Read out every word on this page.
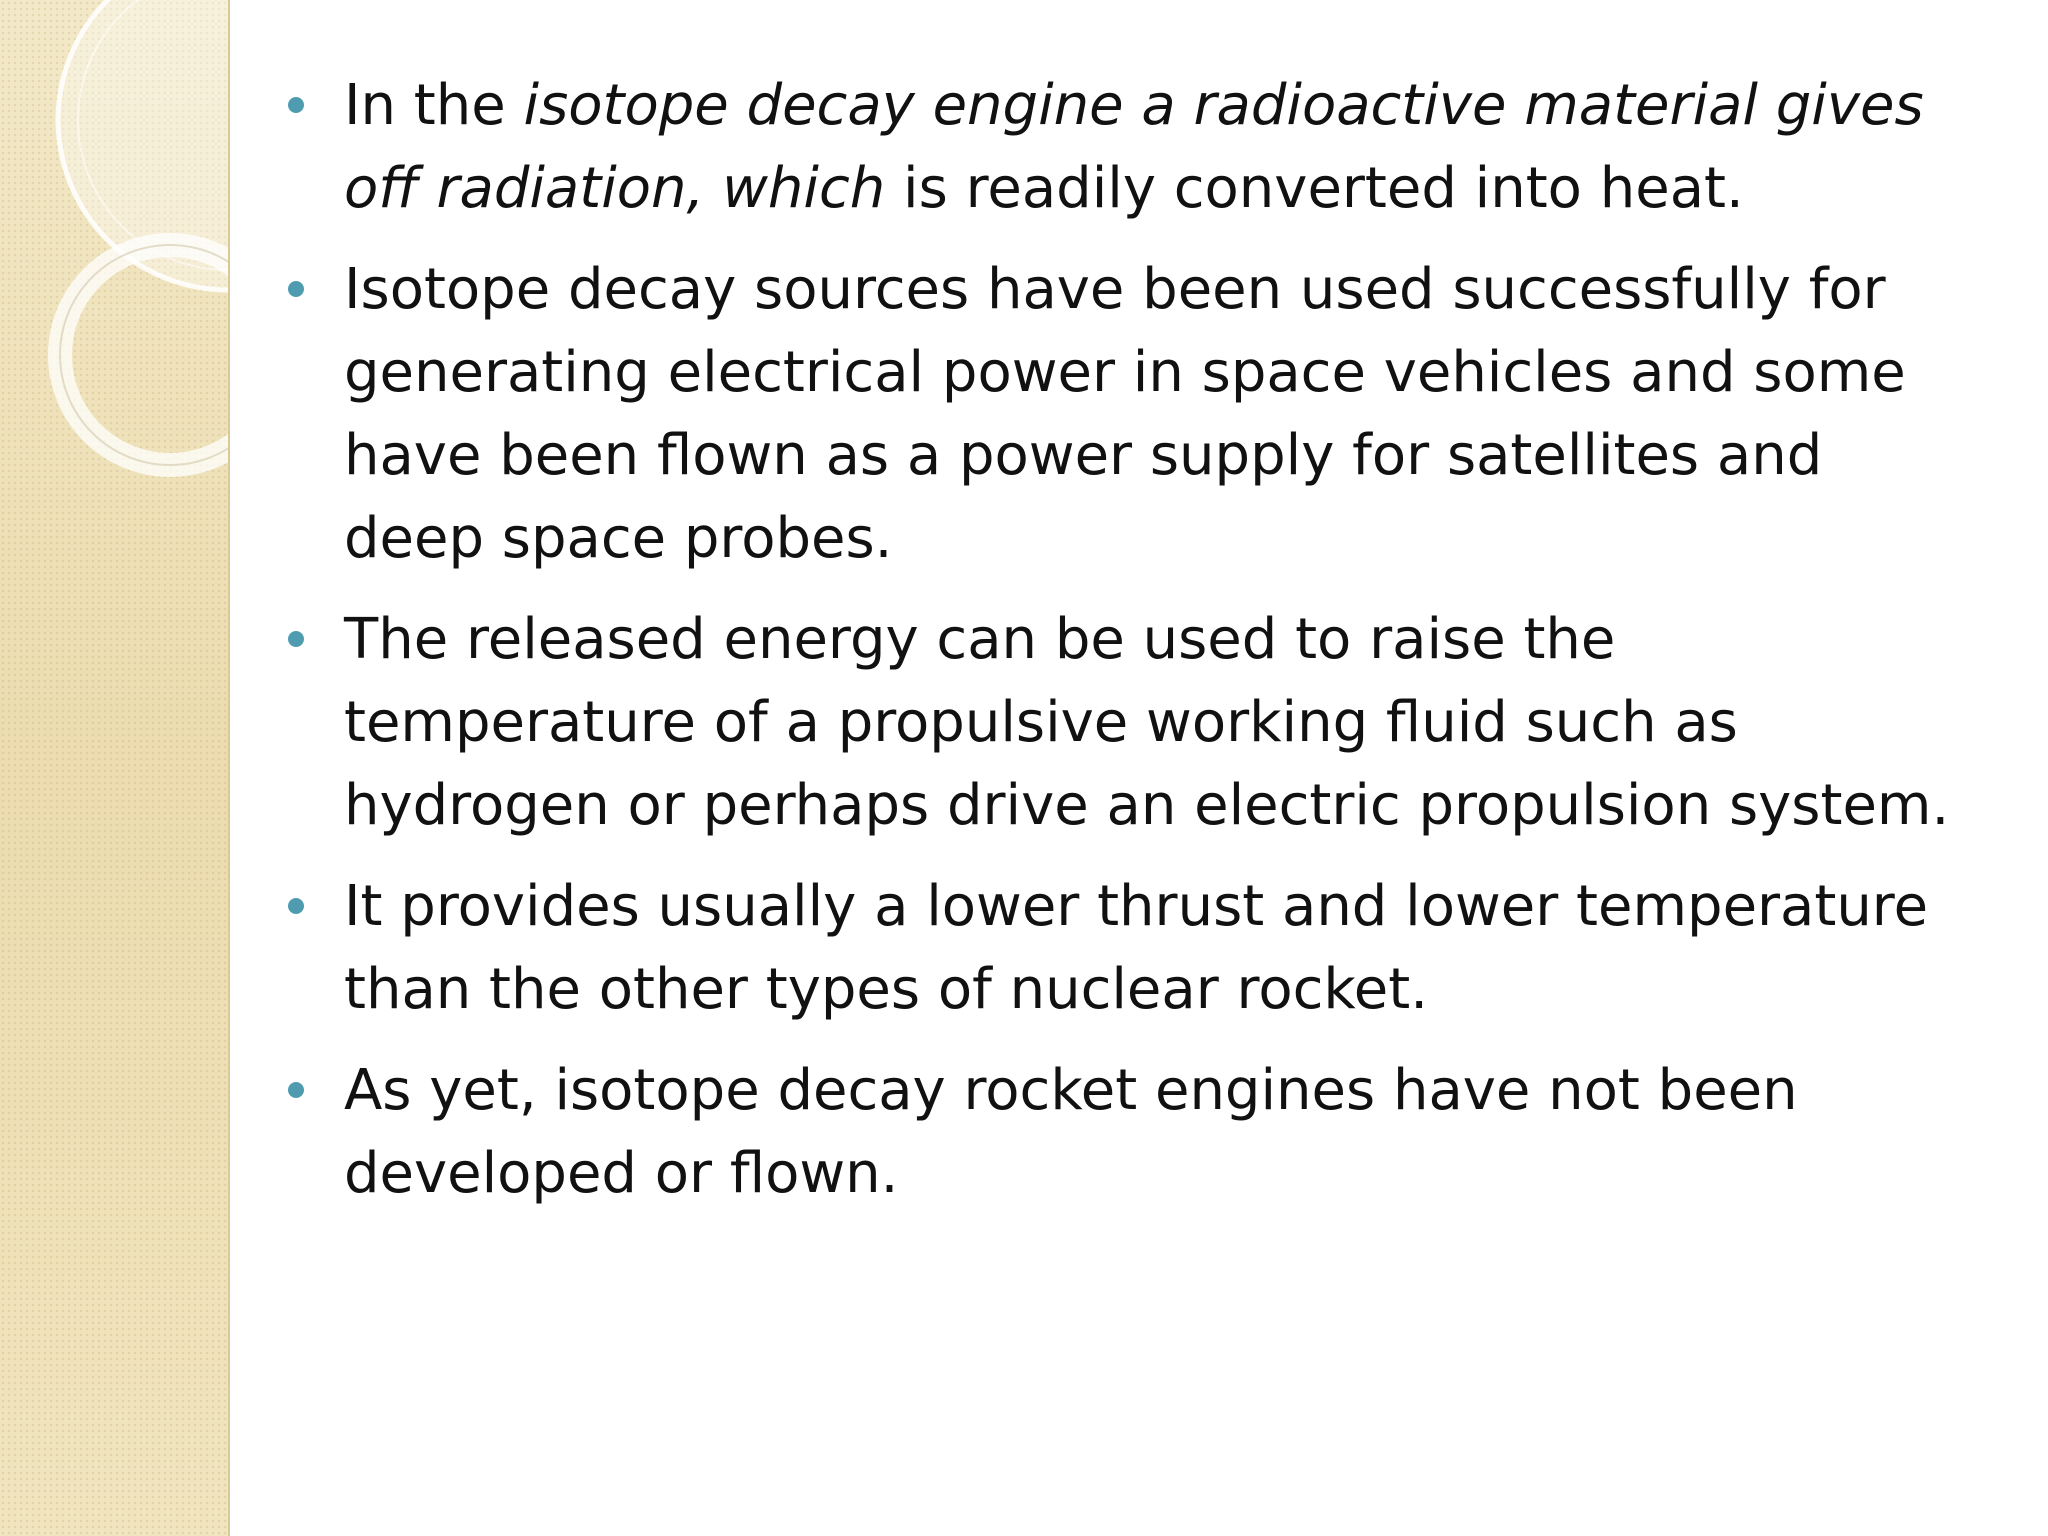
In the isotope decay engine a radioactive material gives off radiation, which is readily converted into heat.
Isotope decay sources have been used successfully for generating electrical power in space vehicles and some have been flown as a power supply for satellites and deep space probes.
The released energy can be used to raise the temperature of a propulsive working fluid such as hydrogen or perhaps drive an electric propulsion system.
It provides usually a lower thrust and lower temperature than the other types of nuclear rocket.
As yet, isotope decay rocket engines have not been developed or flown.
